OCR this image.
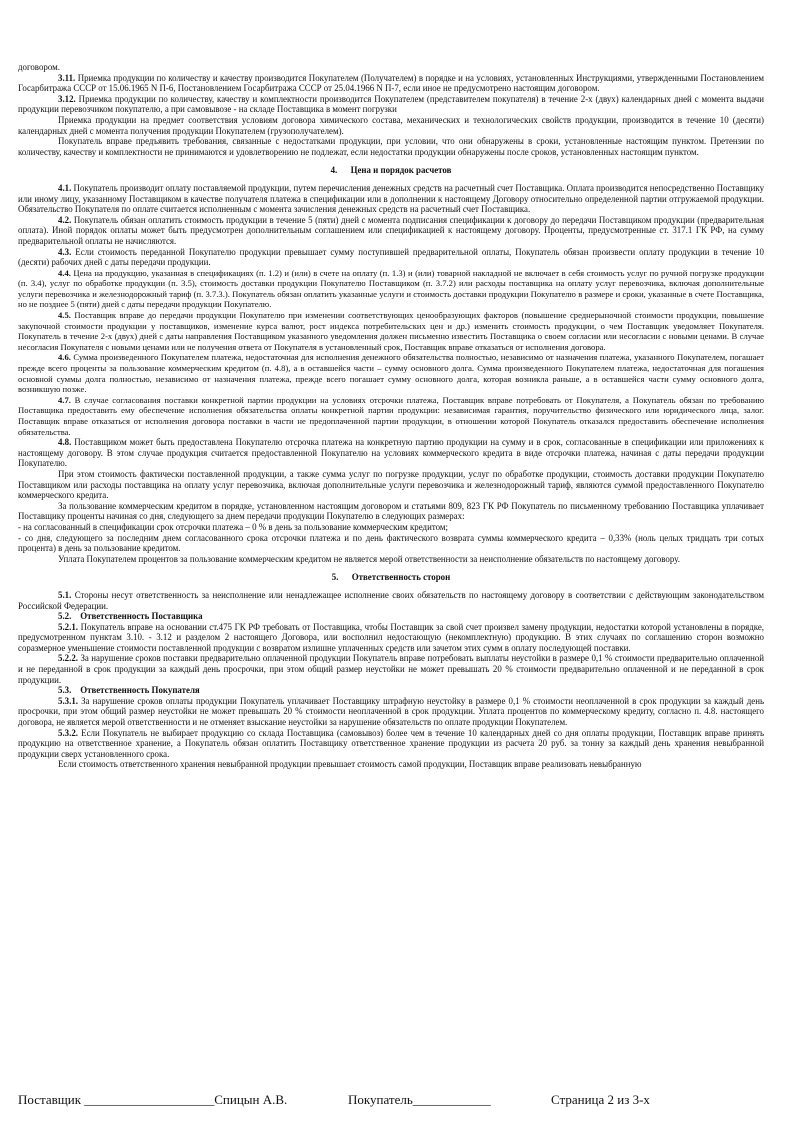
договором.

3.11. Приемка продукции по количеству и качеству производится Покупателем (Получателем) в порядке и на условиях, установленных Инструкциями, утвержденными Постановлением Госарбитража СССР от 15.06.1965 N П-6, Постановлением Госарбитража СССР от 25.04.1966 N П-7, если иное не предусмотрено настоящим договором.

3.12. Приемка продукции по количеству, качеству и комплектности производится Покупателем (представителем покупателя) в течение 2-х (двух) календарных дней с момента выдачи продукции перевозчиком покупателю, а при самовывозе - на складе Поставщика в момент погрузки

Приемка продукции на предмет соответствия условиям договора химического состава, механических и технологических свойств продукции, производится в течение 10 (десяти) календарных дней с момента получения продукции Покупателем (грузополучателем).

Покупатель вправе предъявить требования, связанные с недостатками продукции, при условии, что они обнаружены в сроки, установленные настоящим пунктом. Претензии по количеству, качеству и комплектности не принимаются и удовлетворению не подлежат, если недостатки продукции обнаружены после сроков, установленных настоящим пунктом.

4.      Цена и порядок расчетов

4.1. Покупатель производит оплату поставляемой продукции, путем перечисления денежных средств на расчетный счет Поставщика. Оплата производится непосредственно Поставщику или иному лицу, указанному Поставщиком в качестве получателя платежа в спецификации или в дополнении к настоящему Договору относительно определенной партии отгружаемой продукции. Обязательство Покупателя по оплате считается исполненным с момента зачисления денежных средств на расчетный счет Поставщика.

4.2. Покупатель обязан оплатить стоимость продукции в течение 5 (пяти) дней с момента подписания спецификации к договору до передачи Поставщиком продукции (предварительная оплата). Иной порядок оплаты может быть предусмотрен дополнительным соглашением или спецификацией к настоящему договору. Проценты, предусмотренные ст. 317.1 ГК РФ, на сумму предварительной оплаты не начисляются.

4.3. Если стоимость переданной Покупателю продукции превышает сумму поступившей предварительной оплаты, Покупатель обязан произвести оплату продукции в течение 10 (десяти) рабочих дней с даты передачи продукции.

4.4. Цена на продукцию, указанная в спецификациях (п. 1.2) и (или) в счете на оплату (п. 1.3) и (или) товарной накладной не включает в себя стоимость услуг по ручной погрузке продукции (п. 3.4), услуг по обработке продукции (п. 3.5), стоимость доставки продукции Покупателю Поставщиком (п. 3.7.2) или расходы поставщика на оплату услуг перевозчика, включая дополнительные услуги перевозчика и железнодорожный тариф (п. 3.7.3.). Покупатель обязан оплатить указанные услуги и стоимость доставки продукции Покупателю в размере и сроки, указанные в счете Поставщика, но не позднее 5 (пяти) дней с даты передачи продукции Покупателю.

4.5. Поставщик вправе до передачи продукции Покупателю при изменении соответствующих ценообразующих факторов (повышение среднерыночной стоимости продукции, повышение закупочной стоимости продукции у поставщиков, изменение курса валют, рост индекса потребительских цен и др.) изменить стоимость продукции, о чем Поставщик уведомляет Покупателя. Покупатель в течение 2-х (двух) дней с даты направления Поставщиком указанного уведомления должен письменно известить Поставщика о своем согласии или несогласии с новыми ценами. В случае несогласия Покупателя с новыми ценами или не получения ответа от Покупателя в установленный срок, Поставщик вправе отказаться от исполнения договора.

4.6. Сумма произведенного Покупателем платежа, недостаточная для исполнения денежного обязательства полностью, независимо от назначения платежа, указанного Покупателем, погашает прежде всего проценты за пользование коммерческим кредитом (п. 4.8), а в оставшейся части – сумму основного долга. Сумма произведенного Покупателем платежа, недостаточная для погашения основной суммы долга полностью, независимо от назначения платежа, прежде всего погашает сумму основного долга, которая возникла раньше, а в оставшейся части сумму основного долга, возникшую позже.

4.7. В случае согласования поставки конкретной партии продукции на условиях отсрочки платежа, Поставщик вправе потребовать от Покупателя, а Покупатель обязан по требованию Поставщика предоставить ему обеспечение исполнения обязательства оплаты конкретной партии продукции: независимая гарантия, поручительство физического или юридического лица, залог. Поставщик вправе отказаться от исполнения договора поставки в части не предоплаченной партии продукции, в отношении которой Покупатель отказался предоставить обеспечение исполнения обязательства.

4.8. Поставщиком может быть предоставлена Покупателю отсрочка платежа на конкретную партию продукции на сумму и в срок, согласованные в спецификации или приложениях к настоящему договору. В этом случае продукция считается предоставленной Покупателю на условиях коммерческого кредита в виде отсрочки платежа, начиная с даты передачи продукции Покупателю.

При этом стоимость фактически поставленной продукции, а также сумма услуг по погрузке продукции, услуг по обработке продукции, стоимость доставки продукции Покупателю Поставщиком или расходы поставщика на оплату услуг перевозчика, включая дополнительные услуги перевозчика и железнодорожный тариф, являются суммой предоставленного Покупателю коммерческого кредита.

За пользование коммерческим кредитом в порядке, установленном настоящим договором и статьями 809, 823 ГК РФ Покупатель по письменному требованию Поставщика уплачивает Поставщику проценты начиная со дня, следующего за днем передачи продукции Покупателю в следующих размерах:

- на согласованный в спецификации срок отсрочки платежа – 0 % в день за пользование коммерческим кредитом;

- со дня, следующего за последним днем согласованного срока отсрочки платежа и по день фактического возврата суммы коммерческого кредита – 0,33% (ноль целых тридцать три сотых процента) в день за пользование кредитом.

Уплата Покупателем процентов за пользование коммерческим кредитом не является мерой ответственности за неисполнение обязательств по настоящему договору.

5.      Ответственность сторон

5.1. Стороны несут ответственность за неисполнение или ненадлежащее исполнение своих обязательств по настоящему договору в соответствии с действующим законодательством Российской Федерации.

5.2.    Ответственность Поставщика

5.2.1. Покупатель вправе на основании ст.475 ГК РФ требовать от Поставщика, чтобы Поставщик за свой счет произвел замену продукции, недостатки которой установлены в порядке, предусмотренном пунктам 3.10. - 3.12 и разделом 2 настоящего Договора, или восполнил недостающую (некомплектную) продукцию. В этих случаях по соглашению сторон возможно соразмерное уменьшение стоимости поставленной продукции с возвратом излишне уплаченных средств или зачетом этих сумм в оплату последующей поставки.

5.2.2. За нарушение сроков поставки предварительно оплаченной продукции Покупатель вправе потребовать выплаты неустойки в размере 0,1 % стоимости предварительно оплаченной и не переданной в срок продукции за каждый день просрочки, при этом общий размер неустойки не может превышать 20 % стоимости предварительно оплаченной и не переданной в срок продукции.

5.3.    Ответственность Покупателя

5.3.1. За нарушение сроков оплаты продукции Покупатель уплачивает Поставщику штрафную неустойку в размере 0,1 % стоимости неоплаченной в срок продукции за каждый день просрочки, при этом общий размер неустойки не может превышать 20 % стоимости неоплаченной в срок продукции. Уплата процентов по коммерческому кредиту, согласно п. 4.8. настоящего договора, не является мерой ответственности и не отменяет взыскание неустойки за нарушение обязательств по оплате продукции Покупателем.

5.3.2. Если Покупатель не выбирает продукцию со склада Поставщика (самовывоз) более чем в течение 10 календарных дней со дня оплаты продукции, Поставщик вправе принять продукцию на ответственное хранение, а Покупатель обязан оплатить Поставщику ответственное хранение продукции из расчета 20 руб. за тонну за каждый день хранения невыбранной продукции сверх установленного срока.

Если стоимость ответственного хранения невыбранной продукции превышает стоимость самой продукции, Поставщик вправе реализовать невыбранную

Поставщик ____________________Спицын А.В.	Покупатель____________	Страница 2 из 3-х
